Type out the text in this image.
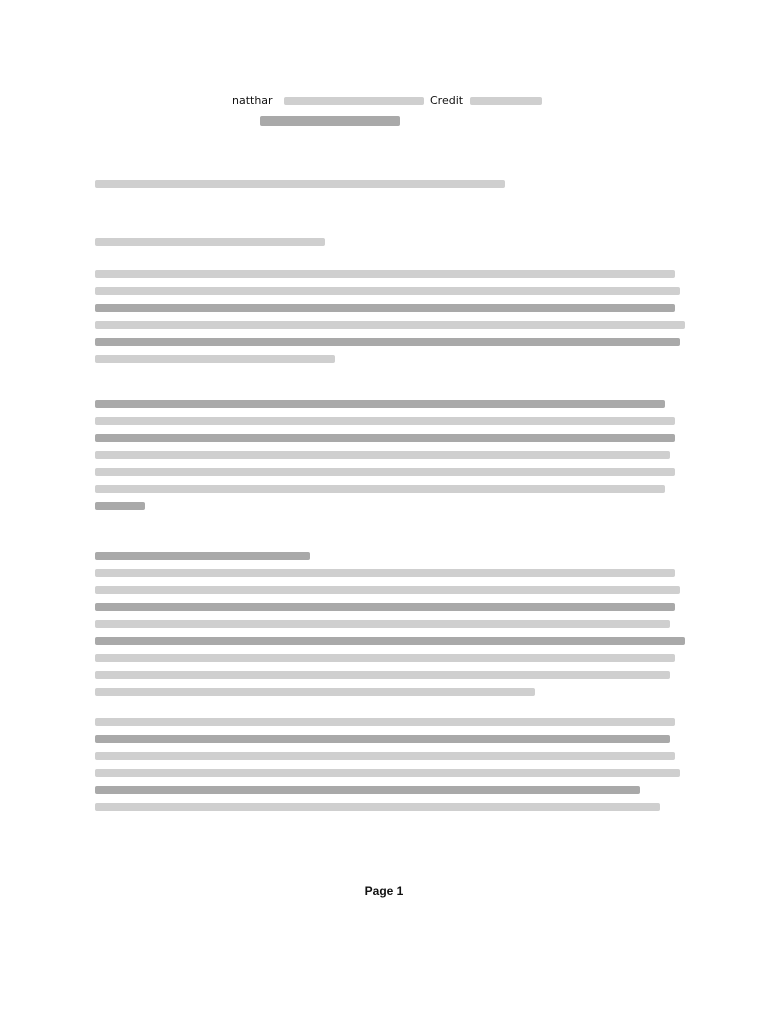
natthar	Credit
Page 1
